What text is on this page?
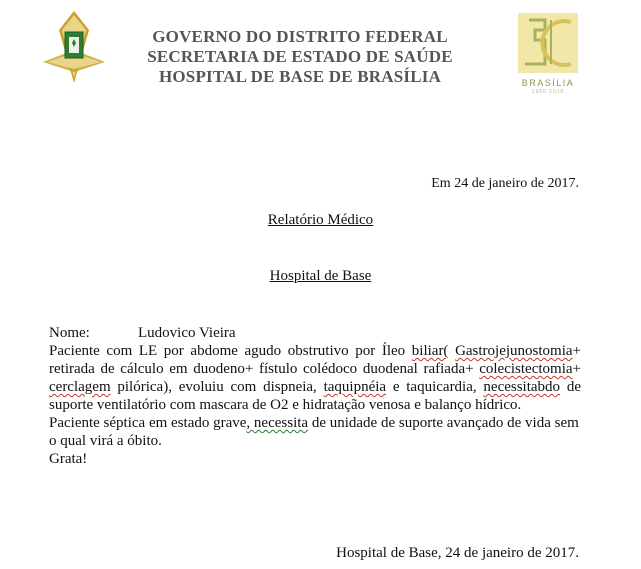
GOVERNO DO DISTRITO FEDERAL
SECRETARIA DE ESTADO DE SAÚDE
HOSPITAL DE BASE DE BRASÍLIA	BRASÍLIA
1960 2010
Em 24 de janeiro de 2017.
Relatório Médico
Hospital de Base
Nome:	Ludovico Vieira
Paciente com LE por abdome agudo obstrutivo por Íleo biliar( Gastrojejunostomia+ retirada de cálculo em duodeno+ fístulo colédoco duodenal rafiada+ colecistectomia+ cerclagem pilórica), evoluiu com dispneia, taquipnéia e taquicardia, necessitabdo de suporte ventilatório com mascara de O2 e hidratação venosa e balanço hídrico.
Paciente séptica em estado grave, necessita de unidade de suporte avançado de vida sem o qual virá a óbito.
Grata!
Hospital de Base, 24 de janeiro de 2017.
